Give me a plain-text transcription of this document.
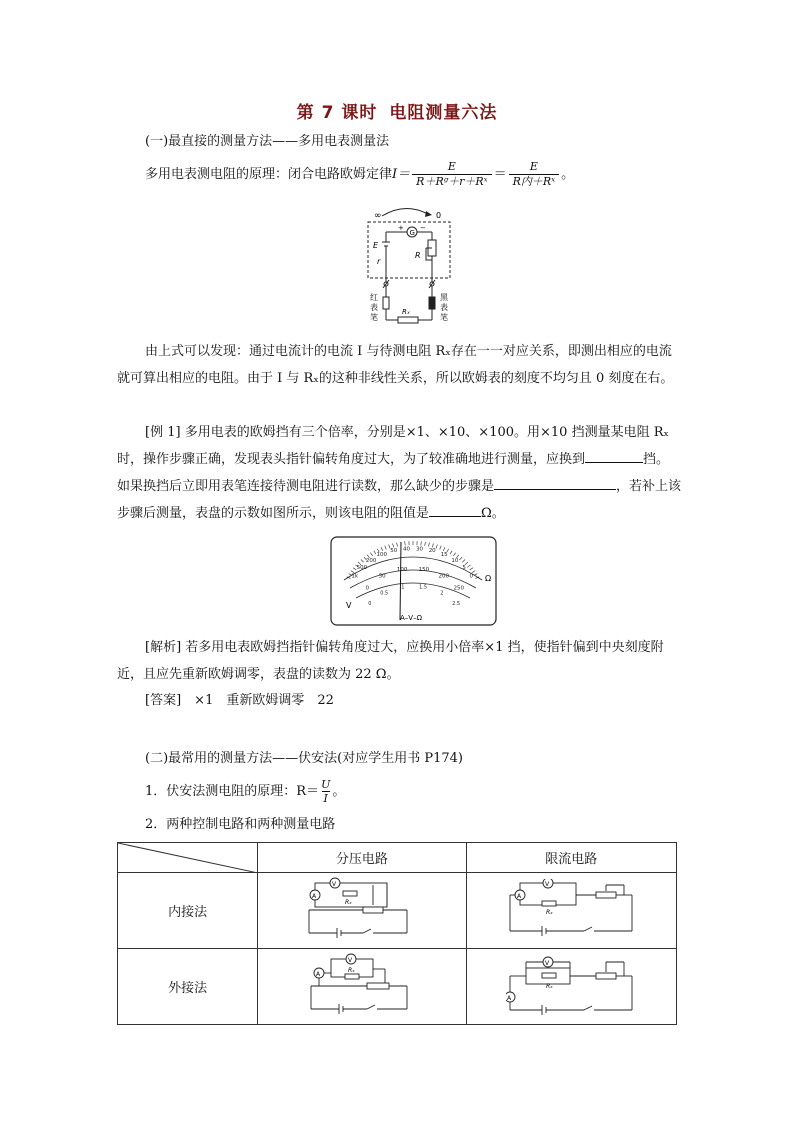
第 7 课时 电阻测量六法
(一)最直接的测量方法——多用电表测量法
多用电表测电阻的原理：闭合电路欧姆定律 $I= \frac{E}{\text{R＋Rᵍ＋r＋Rˣ}} = \frac{E}{\text{R内＋Rˣ}}$ 。
∞	0
+ −
G
E
r
R
红
表
笔
黑
表
笔
Rₓ
由上式可以发现：通过电流计的电流 I 与待测电阻 Rₓ存在一一对应关系，即测出相应的电流就可算出相应的电阻。由于 I 与 Rₓ的这种非线性关系，所以欧姆表的刻度不均匀且 0 刻度在右。
[例 1] 多用电表的欧姆挡有三个倍率，分别是×1、×10、×100。用×10 挡测量某电阻 Rₓ时，操作步骤正确，发现表头指针偏转角度过大，为了较准确地进行测量，应换到	挡。如果换挡后立即用表笔连接待测电阻进行读数，那么缺少的步骤是	，若补上该步骤后测量，表盘的示数如图所示，则该电阻的阻值是	Ω。
1k
500
200
100
50 40 30 20
15
10
5
0
0
50
100 150
200
250
0
0.5
1	1.5
2
2.5
Ω
V
A–V–Ω
[解析] 若多用电表欧姆挡指针偏转角度过大，应换用小倍率×1 挡，使指针偏到中央刻度附近，且应先重新欧姆调零，表盘的读数为 22 Ω。
[答案]　 ×1　重新欧姆调零　22
(二)最常用的测量方法——伏安法(对应学生用书 P174)
1．伏安法测电阻的原理：R＝ U
I 。
2．两种控制电路和两种测量电路
	分压电路	限流电路
内接法	V
A
Rₓ	V
A
Rₓ

外接法	V
A
Rₓ	V
A
Rₓ
